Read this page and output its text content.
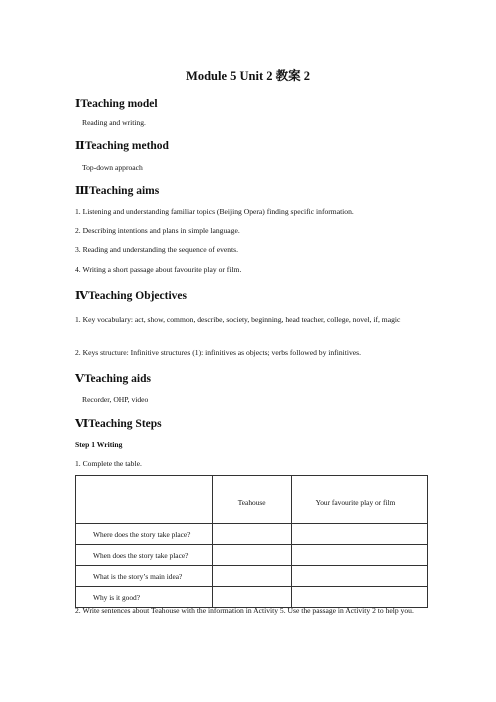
Module 5 Unit 2 教案 2
ⅠTeaching model
Reading and writing.
ⅡTeaching method
Top-down approach
ⅢTeaching aims
1. Listening and understanding familiar topics (Beijing Opera) finding specific information.
2. Describing intentions and plans in simple language.
3. Reading and understanding the sequence of events.
4. Writing a short passage about favourite play or film.
ⅣTeaching Objectives
1. Key vocabulary: act, show, common, describe, society, beginning, head teacher, college, novel, if, magic
2. Keys structure: Infinitive structures (1): infinitives as objects; verbs followed by infinitives.
ⅤTeaching aids
Recorder, OHP, video
ⅥTeaching Steps
Step 1 Writing
1. Complete the table.
	Teahouse	Your favourite play or film
Where does the story take place?		
When does the story take place?		
What is the story’s main idea?		
Why is it good?		
2. Write sentences about Teahouse with the information in Activity 5. Use the passage in Activity 2 to help you.
